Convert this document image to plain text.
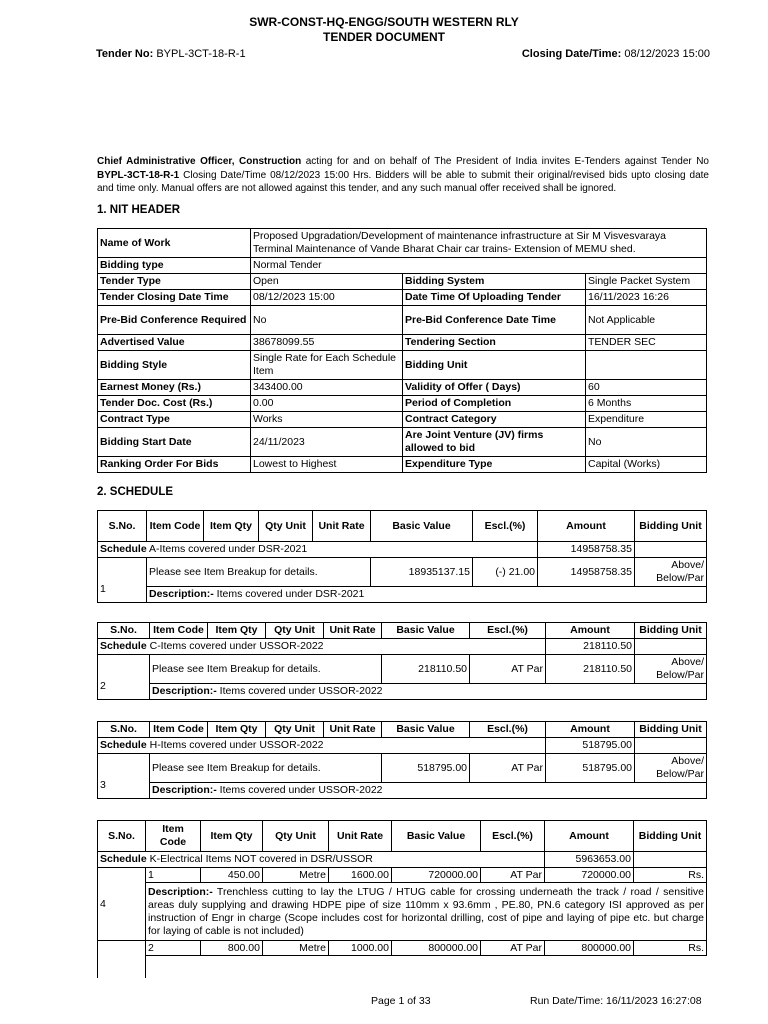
SWR-CONST-HQ-ENGG/SOUTH WESTERN RLY
TENDER DOCUMENT
Tender No: BYPL-3CT-18-R-1	Closing Date/Time: 08/12/2023 15:00
Chief Administrative Officer, Construction acting for and on behalf of The President of India invites E-Tenders against Tender No BYPL-3CT-18-R-1 Closing Date/Time 08/12/2023 15:00 Hrs. Bidders will be able to submit their original/revised bids upto closing date and time only. Manual offers are not allowed against this tender, and any such manual offer received shall be ignored.
1. NIT HEADER
Name of Work	Proposed Upgradation/Development of maintenance infrastructure at Sir M Visvesvaraya Terminal Maintenance of Vande Bharat Chair car trains- Extension of MEMU shed.		
Bidding type	Normal Tender		
Tender Type	Open	Bidding System	Single Packet System
Tender Closing Date Time	08/12/2023 15:00	Date Time Of Uploading Tender	16/11/2023 16:26
Pre-Bid Conference Required	No	Pre-Bid Conference Date Time	Not Applicable
Advertised Value	38678099.55	Tendering Section	TENDER SEC
Bidding Style	Single Rate for Each Schedule Item	Bidding Unit	
Earnest Money (Rs.)	343400.00	Validity of Offer ( Days)	60
Tender Doc. Cost (Rs.)	0.00	Period of Completion	6 Months
Contract Type	Works	Contract Category	Expenditure
Bidding Start Date	24/11/2023	Are Joint Venture (JV) firms allowed to bid	No
Ranking Order For Bids	Lowest to Highest	Expenditure Type	Capital (Works)
2. SCHEDULE
S.No.	Item Code	Item Qty	Qty Unit	Unit Rate	Basic Value	Escl.(%)	Amount	Bidding Unit
Schedule A-Items covered under DSR-2021							14958758.35	
1	Please see Item Breakup for details.				18935137.15	(-) 21.00	14958758.35	Above/ Below/Par
	Description:- Items covered under DSR-2021							
S.No.	Item Code	Item Qty	Qty Unit	Unit Rate	Basic Value	Escl.(%)	Amount	Bidding Unit
Schedule C-Items covered under USSOR-2022							218110.50	
2	Please see Item Breakup for details.				218110.50	AT Par	218110.50	Above/ Below/Par
	Description:- Items covered under USSOR-2022							
S.No.	Item Code	Item Qty	Qty Unit	Unit Rate	Basic Value	Escl.(%)	Amount	Bidding Unit
Schedule H-Items covered under USSOR-2022							518795.00	
3	Please see Item Breakup for details.				518795.00	AT Par	518795.00	Above/ Below/Par
	Description:- Items covered under USSOR-2022							
S.No.	Item Code	Item Qty	Qty Unit	Unit Rate	Basic Value	Escl.(%)	Amount	Bidding Unit
Schedule K-Electrical Items NOT covered in DSR/USSOR							5963653.00	
4	1	450.00	Metre	1600.00	720000.00	AT Par	720000.00	Rs.
	Description:- Trenchless cutting to lay the LTUG / HTUG cable for crossing underneath the track / road / sensitive areas duly supplying and drawing HDPE pipe of size 110mm x 93.6mm , PE.80, PN.6 category ISI approved as per instruction of Engr in charge (Scope includes cost for horizontal drilling, cost of pipe and laying of pipe etc. but charge for laying of cable is not included)							
	2	800.00	Metre	1000.00	800000.00	AT Par	800000.00	Rs.

Page 1 of 33	Run Date/Time: 16/11/2023 16:27:08
